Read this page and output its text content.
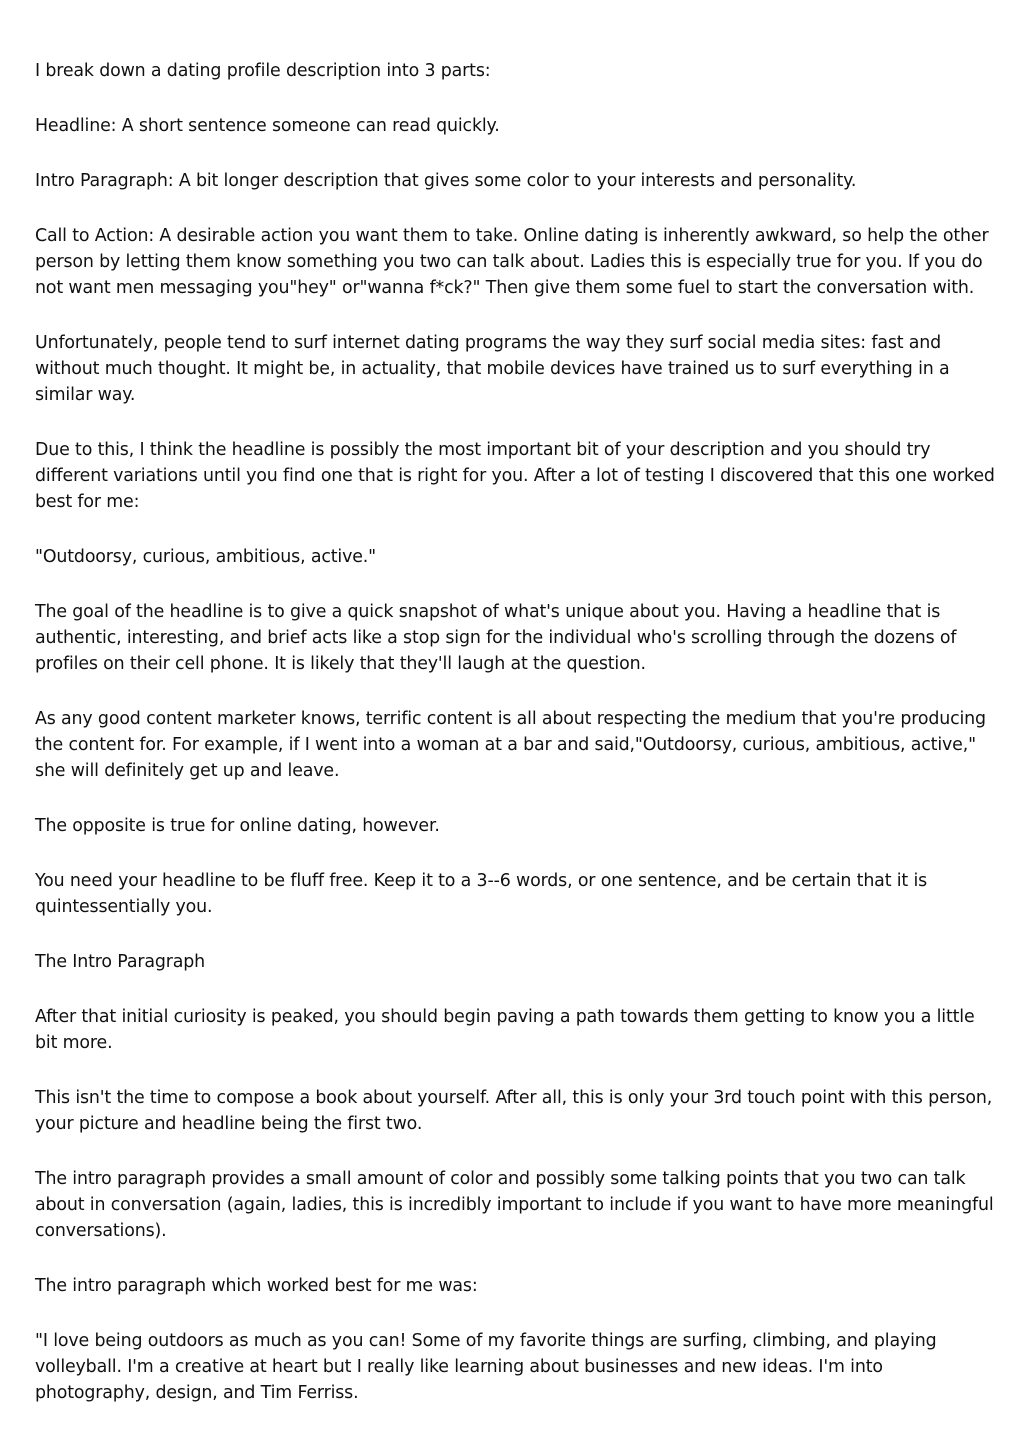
I break down a dating profile description into 3 parts:

Headline: A short sentence someone can read quickly.

Intro Paragraph: A bit longer description that gives some color to your interests and personality.

Call to Action: A desirable action you want them to take. Online dating is inherently awkward, so help the other person by letting them know something you two can talk about. Ladies this is especially true for you. If you do not want men messaging you"hey" or"wanna f*ck?" Then give them some fuel to start the conversation with.

Unfortunately, people tend to surf internet dating programs the way they surf social media sites: fast and without much thought. It might be, in actuality, that mobile devices have trained us to surf everything in a similar way.

Due to this, I think the headline is possibly the most important bit of your description and you should try different variations until you find one that is right for you. After a lot of testing I discovered that this one worked best for me:

"Outdoorsy, curious, ambitious, active."

The goal of the headline is to give a quick snapshot of what's unique about you. Having a headline that is authentic, interesting, and brief acts like a stop sign for the individual who's scrolling through the dozens of profiles on their cell phone. It is likely that they'll laugh at the question.

As any good content marketer knows, terrific content is all about respecting the medium that you're producing the content for. For example, if I went into a woman at a bar and said,"Outdoorsy, curious, ambitious, active," she will definitely get up and leave.

The opposite is true for online dating, however.

You need your headline to be fluff free. Keep it to a 3--6 words, or one sentence, and be certain that it is quintessentially you.

The Intro Paragraph

After that initial curiosity is peaked, you should begin paving a path towards them getting to know you a little bit more.

This isn't the time to compose a book about yourself. After all, this is only your 3rd touch point with this person, your picture and headline being the first two.

The intro paragraph provides a small amount of color and possibly some talking points that you two can talk about in conversation (again, ladies, this is incredibly important to include if you want to have more meaningful conversations).

The intro paragraph which worked best for me was:

"I love being outdoors as much as you can! Some of my favorite things are surfing, climbing, and playing volleyball. I'm a creative at heart but I really like learning about businesses and new ideas. I'm into photography, design, and Tim Ferriss.
